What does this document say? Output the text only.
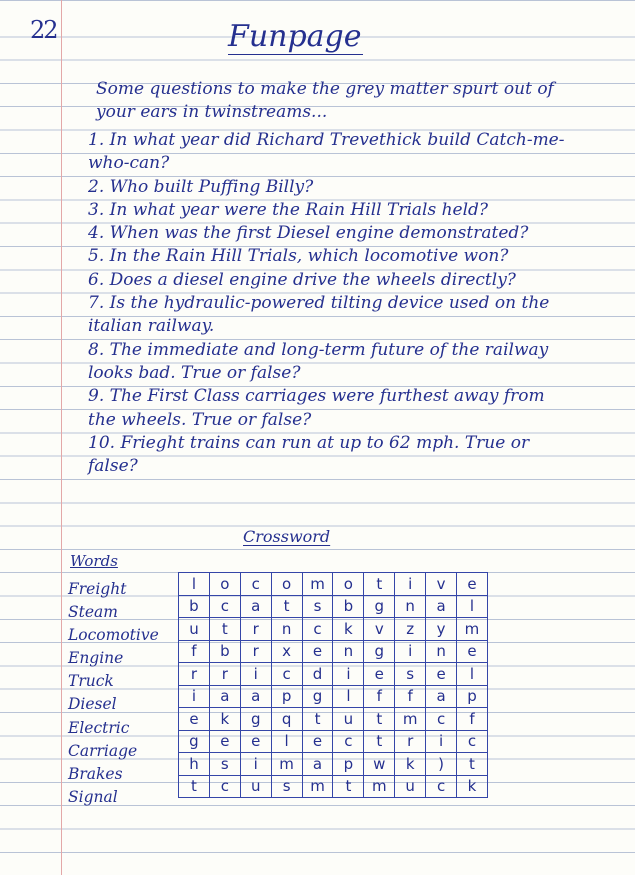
22	Funpage

Some questions to make the grey matter spurt out of your ears in twinstreams...

1. In what year did Richard Trevethick build Catch-me-who-can?
2. Who built Puffing Billy?
3. In what year were the Rain Hill Trials held?
4. When was the first Diesel engine demonstrated?
5. In the Rain Hill Trials, which locomotive won?
6. Does a diesel engine drive the wheels directly?
7. Is the hydraulic-powered tilting device used on the italian railway.
8. The immediate and long-term future of the railway looks bad. True or false?
9. The First Class carriages were furthest away from the wheels. True or false?
10. Frieght trains can run at up to 62 mph. True or false?
Crossword
Words
Freight
Steam
Locomotive
Engine
Truck
Diesel
Electric
Carriage
Brakes
Signal
l	o	c	o	m	o	t	i	v	e
b	c	a	t	s	b	g	n	a	l
u	t	r	n	c	k	v	z	y	m
f	b	r	x	e	n	g	i	n	e
r	r	i	c	d	i	e	s	e	l
i	a	a	p	g	l	f	f	a	p
e	k	g	q	t	u	t	m	c	f
g	e	e	l	e	c	t	r	i	c
h	s	i	m	a	p	w	k	)	t
t	c	u	s	m	t	m	u	c	k
